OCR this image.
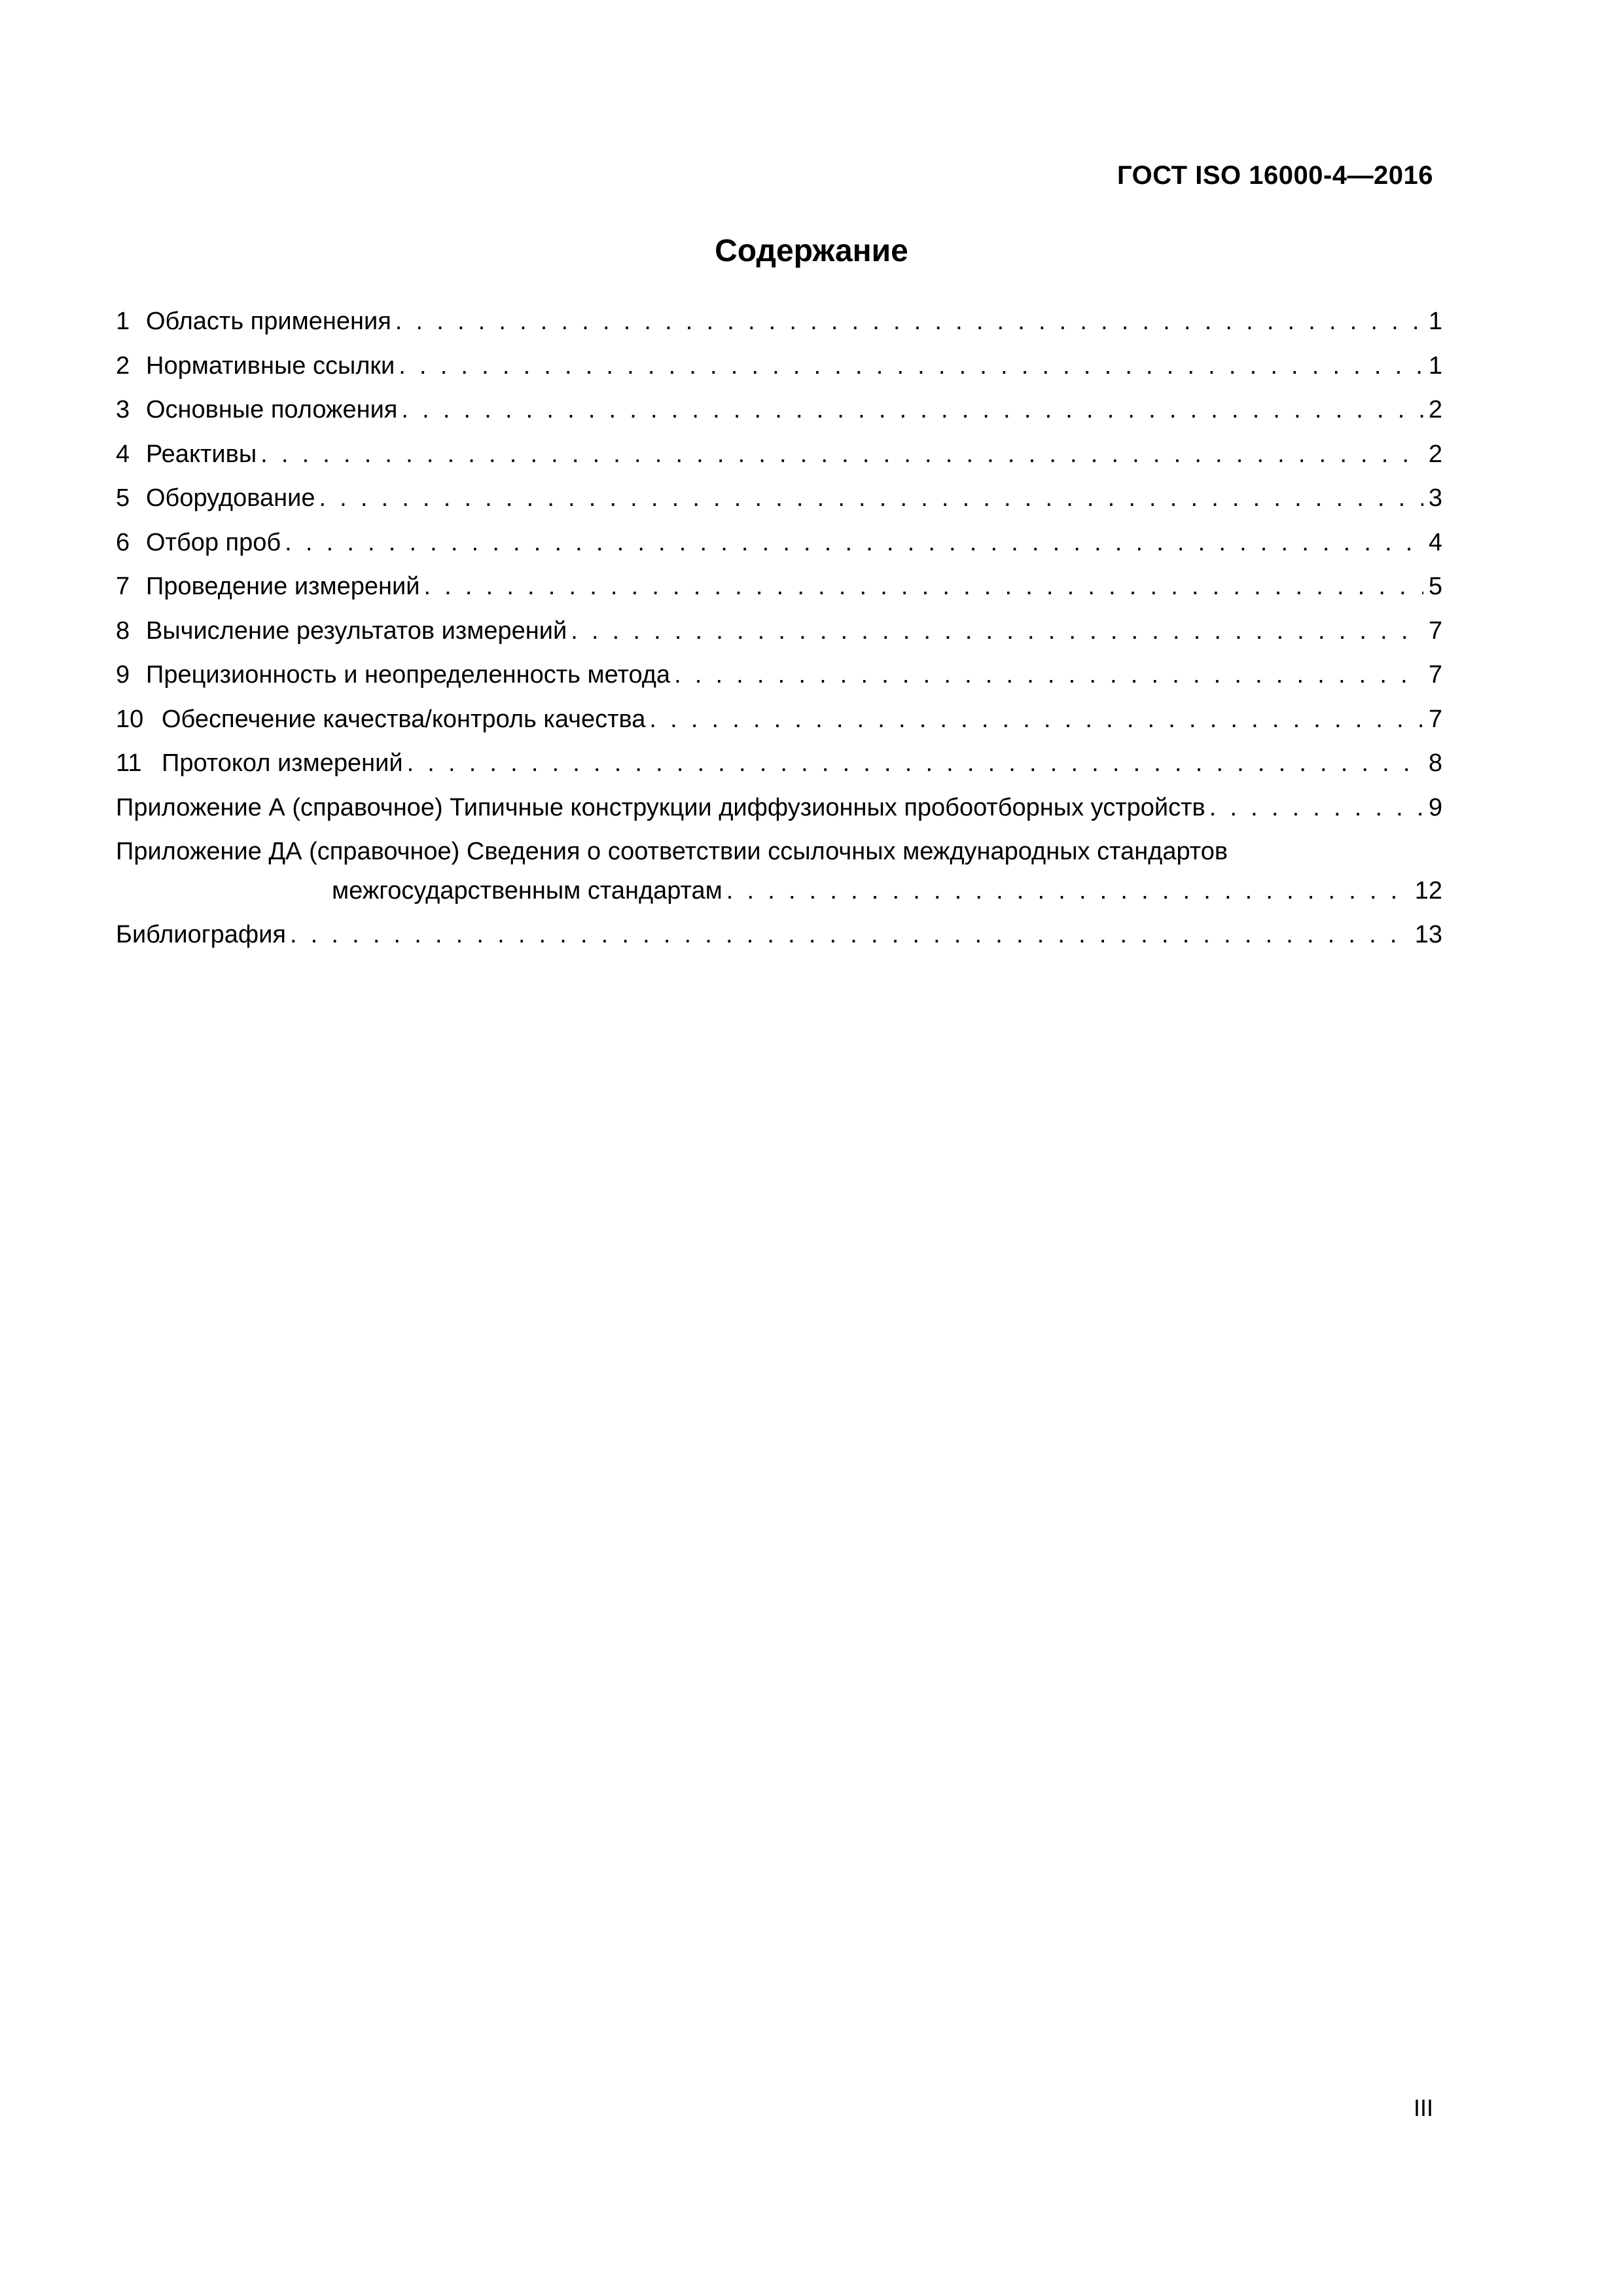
ГОСТ ISO 16000-4—2016
Содержание
1 Область применения . . .	1
2 Нормативные ссылки . . .	1
3 Основные положения . . .	2
4 Реактивы . . .	2
5 Оборудование . . .	3
6 Отбор проб . . .	4
7 Проведение измерений . . .	5
8 Вычисление результатов измерений . . .	7
9 Прецизионность и неопределенность метода . . .	7
10 Обеспечение качества/контроль качества . . .	7
11 Протокол измерений . . .	8
Приложение А (справочное) Типичные конструкции диффузионных пробоотборных устройств . . .	9
Приложение ДА (справочное) Сведения о соответствии ссылочных международных стандартов
межгосударственным стандартам . . .	12
Библиография . . .	13
III
